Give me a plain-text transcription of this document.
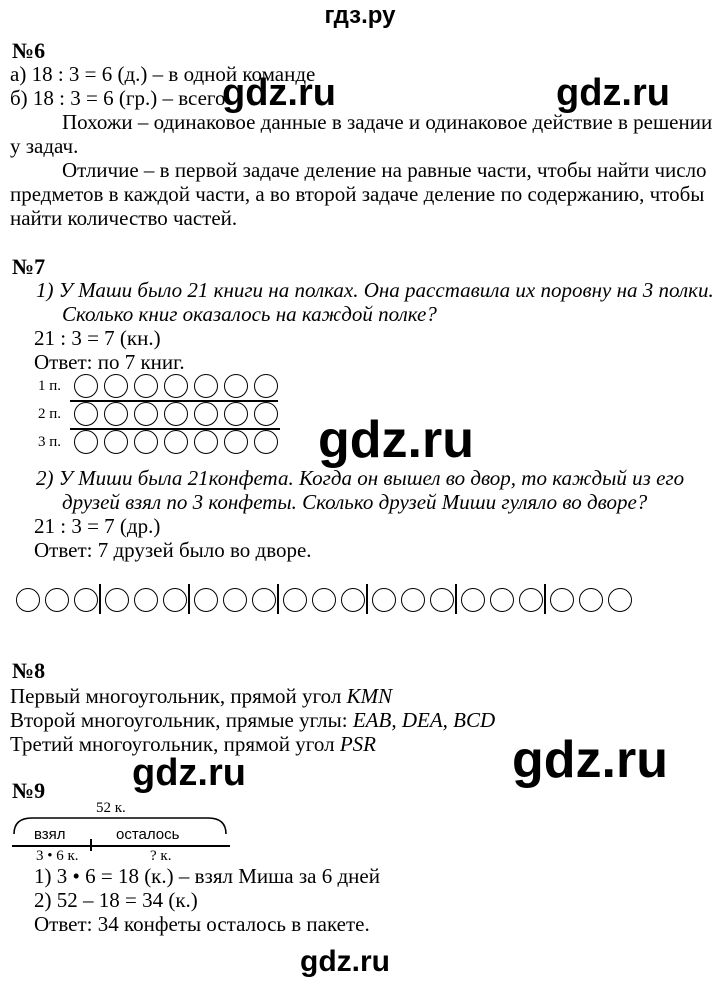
гдз.ру
№6
а) 18 : 3 = 6 (д.) – в одной команде
б) 18 : 3 = 6 (гр.) – всего
Похожи – одинаковое данные в задаче и одинаковое действие в решении
у задач.
Отличие – в первой задаче деление на равные части, чтобы найти число
предметов в каждой части, а во второй задаче деление по содержанию, чтобы
найти количество частей.
№7
1) У Маши было 21 книги на полках. Она расставила их поровну на 3 полки.
Сколько книг оказалось на каждой полке?
21 : 3 = 7 (кн.)
Ответ: по 7 книг.
1 п.
2 п.
3 п.
2) У Миши была 21конфета. Когда он вышел во двор, то каждый из его
друзей взял по 3 конфеты. Сколько друзей Миши гуляло во дворе?
21 : 3 = 7 (др.)
Ответ: 7 друзей было во дворе.
№8
Первый многоугольник, прямой угол KMN
Второй многоугольник, прямые углы: EAB, DEA, BCD
Третий многоугольник, прямой угол PSR
№9
52 к.
взял	осталось
3 • 6 к.	? к.
1) 3 • 6 = 18 (к.) – взял Миша за 6 дней
2) 52 – 18 = 34 (к.)
Ответ: 34 конфеты осталось в пакете.
gdz.ru	gdz.ru
gdz.ru
gdz.ru
gdz.ru
gdz.ru
